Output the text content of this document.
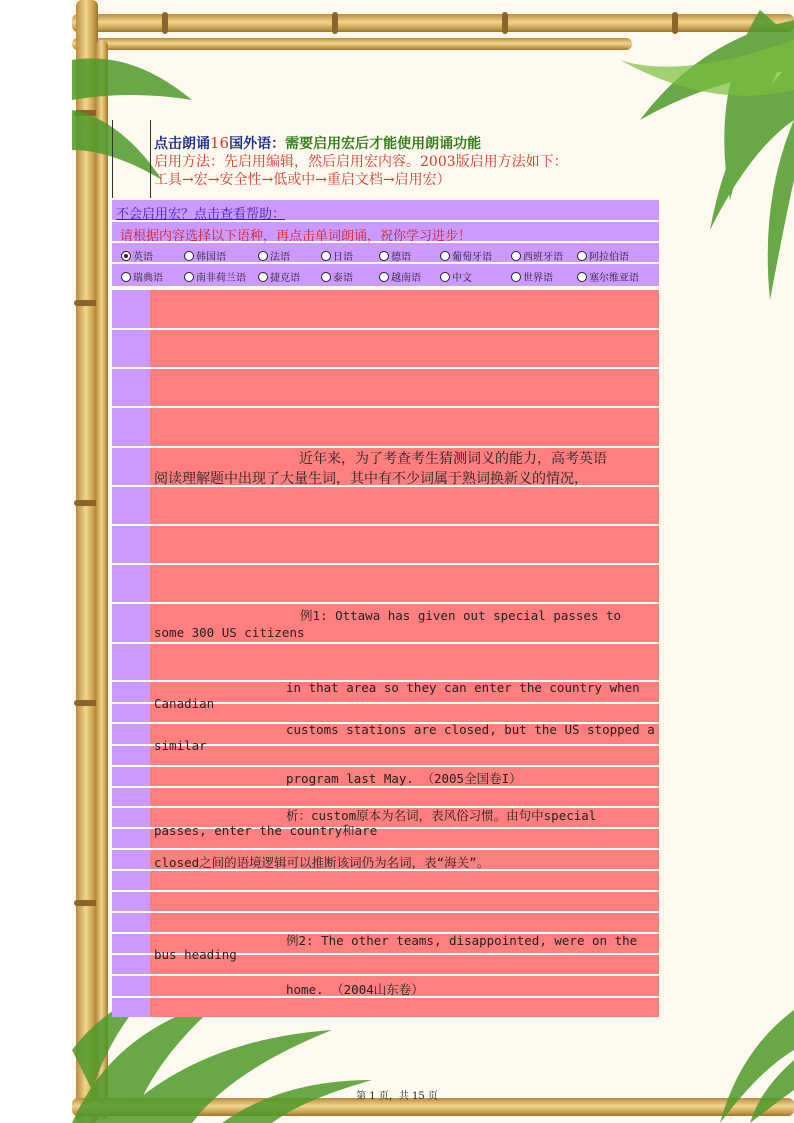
点击朗诵16国外语：需要启用宏后才能使用朗诵功能
启用方法：先启用编辑，然后启用宏内容。2003版启用方法如下：
工具→宏→安全性→低或中→重启文档→启用宏）
不会启用宏？点击查看帮助：
请根据内容选择以下语种，再点击单词朗诵，祝你学习进步！
英语	韩国语	法语	日语	德语	葡萄牙语	西班牙语	阿拉伯语
瑞典语	南非荷兰语 捷克语	泰语	越南语	中文	世界语	塞尔维亚语
近年来，为了考查考生猜测词义的能力，高考英语
阅读理解题中出现了大量生词，其中有不少词属于熟词换新义的情况，
例1: Ottawa has given out special passes to
some 300 US citizens
in that area so they can enter the country when
customs stations are closed, but the US stopped a
program last May. （2005全国卷I）
析：custom原本为名词，表风俗习惯。由句中special
closed之间的语境逻辑可以推断该词仍为名词，表“海关”。
例2: The other teams, disappointed, were on the
home. （2004山东卷）
第 1 页，共 15 页
